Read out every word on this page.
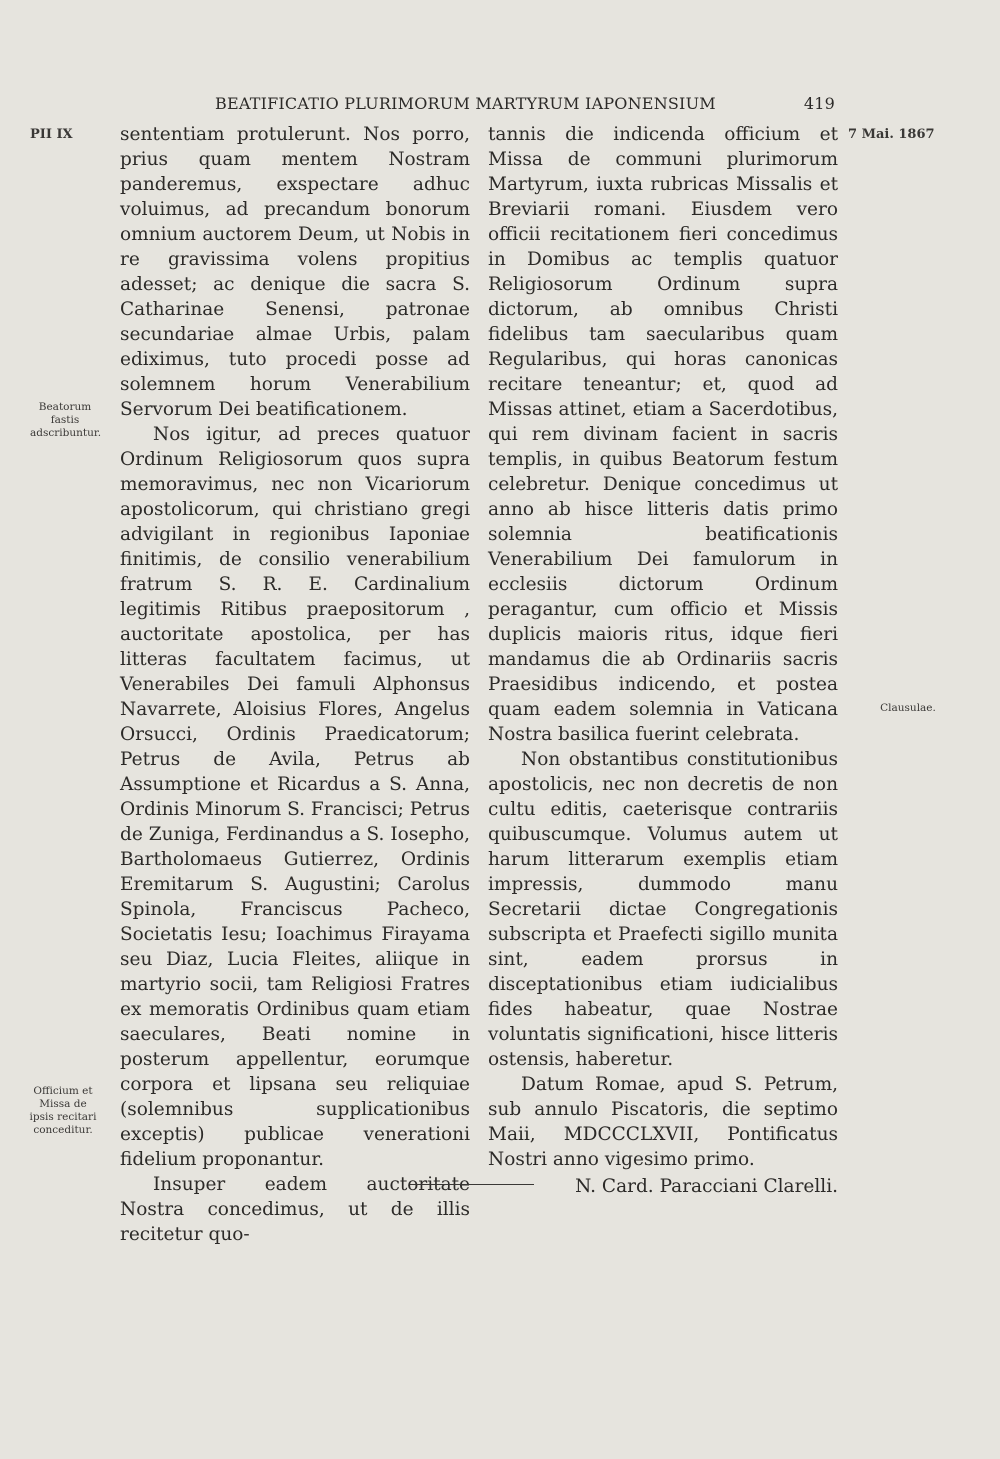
BEATIFICATIO PLURIMORUM MARTYRUM IAPONENSIUM	419
PII IX	7 Mai. 1867
Beatorum fastis adscribuntur.
Officium et Missa de ipsis recitari conceditur.
Clausulae.

sententiam protulerunt. Nos porro, prius quam mentem Nostram panderemus, exspectare adhuc voluimus, ad precandum bonorum omnium auctorem Deum, ut Nobis in re gravissima volens propitius adesset; ac denique die sacra S. Catharinae Senensi, patronae secundariae almae Urbis, palam ediximus, tuto procedi posse ad solemnem horum Venerabilium Servorum Dei beatificationem.

Nos igitur, ad preces quatuor Ordinum Religiosorum quos supra memoravimus, nec non Vicariorum apostolicorum, qui christiano gregi advigilant in regionibus Iaponiae finitimis, de consilio venerabilium fratrum S. R. E. Cardinalium legitimis Ritibus praepositorum , auctoritate apostolica, per has litteras facultatem facimus, ut Venerabiles Dei famuli Alphonsus Navarrete, Aloisius Flores, Angelus Orsucci, Ordinis Praedicatorum; Petrus de Avila, Petrus ab Assumptione et Ricardus a S. Anna, Ordinis Minorum S. Francisci; Petrus de Zuniga, Ferdinandus a S. Iosepho, Bartholomaeus Gutierrez, Ordinis Eremitarum S. Augustini; Carolus Spinola, Franciscus Pacheco, Societatis Iesu; Ioachimus Firayama seu Diaz, Lucia Fleites, aliique in martyrio socii, tam Religiosi Fratres ex memoratis Ordinibus quam etiam saeculares, Beati nomine in posterum appellentur, eorumque corpora et lipsana seu reliquiae (solemnibus supplicationibus exceptis) publicae venerationi fidelium proponantur.

Insuper eadem auctoritate Nostra concedimus, ut de illis recitetur quo-

tannis die indicenda officium et Missa de communi plurimorum Martyrum, iuxta rubricas Missalis et Breviarii romani. Eiusdem vero officii recitationem fieri concedimus in Domibus ac templis quatuor Religiosorum Ordinum supra dictorum, ab omnibus Christi fidelibus tam saecularibus quam Regularibus, qui horas canonicas recitare teneantur; et, quod ad Missas attinet, etiam a Sacerdotibus, qui rem divinam facient in sacris templis, in quibus Beatorum festum celebretur. Denique concedimus ut anno ab hisce litteris datis primo solemnia beatificationis Venerabilium Dei famulorum in ecclesiis dictorum Ordinum peragantur, cum officio et Missis duplicis maioris ritus, idque fieri mandamus die ab Ordinariis sacris Praesidibus indicendo, et postea quam eadem solemnia in Vaticana Nostra basilica fuerint celebrata.

Non obstantibus constitutionibus apostolicis, nec non decretis de non cultu editis, caeterisque contrariis quibuscumque. Volumus autem ut harum litterarum exemplis etiam impressis, dummodo manu Secretarii dictae Congregationis subscripta et Praefecti sigillo munita sint, eadem prorsus in disceptationibus etiam iudicialibus fides habeatur, quae Nostrae voluntatis significationi, hisce litteris ostensis, haberetur.

Datum Romae, apud S. Petrum, sub annulo Piscatoris, die septimo Maii, MDCCCLXVII, Pontificatus Nostri anno vigesimo primo.

N. Card. Paracciani Clarelli.
